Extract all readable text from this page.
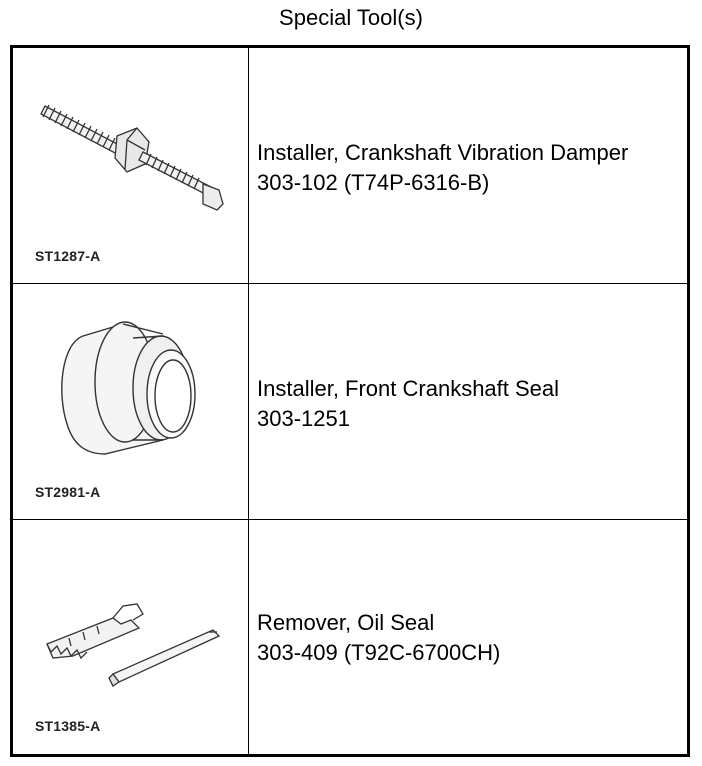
Special Tool(s)
ST1287-A
Installer, Crankshaft Vibration Damper
303-102 (T74P-6316-B)
ST2981-A
Installer, Front Crankshaft Seal
303-1251
ST1385-A
Remover, Oil Seal
303-409 (T92C-6700CH)
